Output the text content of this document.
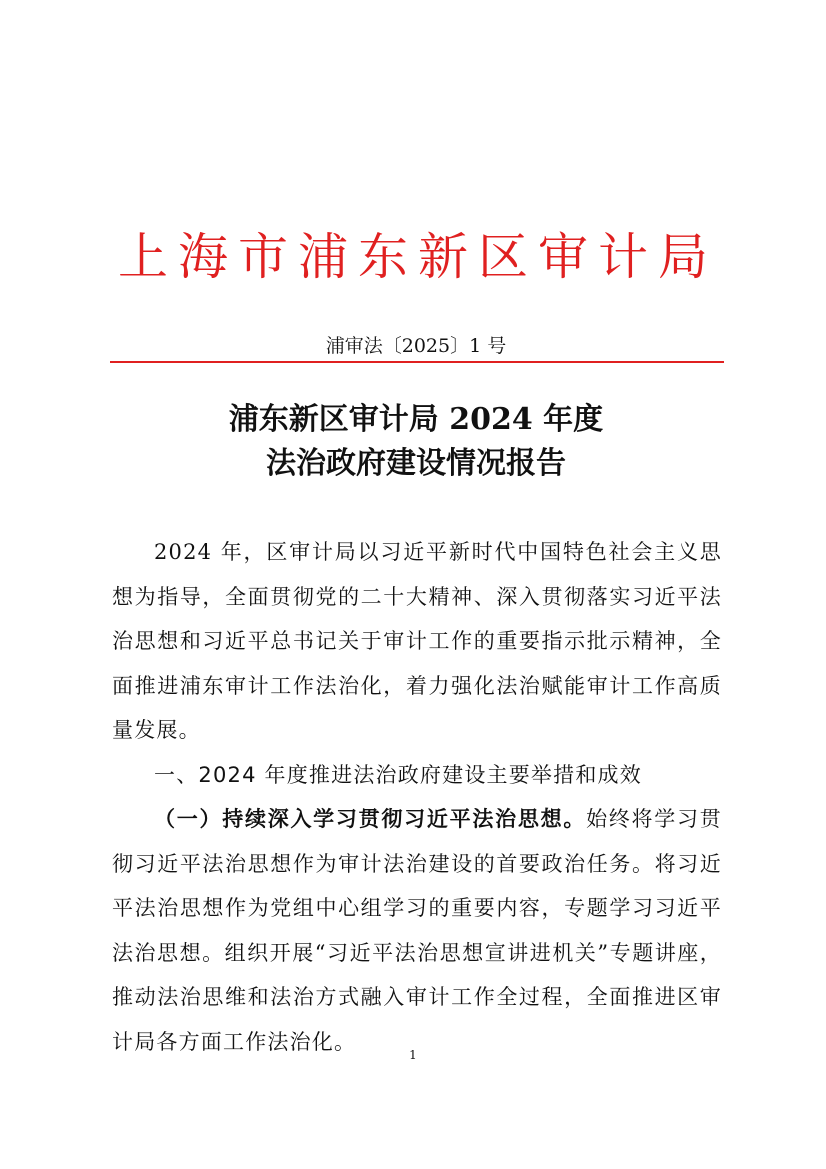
上 海 市 浦 东 新 区 审 计 局
浦审法〔2025〕1 号
浦东新区审计局 2024 年度
法治政府建设情况报告

2024 年，区审计局以习近平新时代中国特色社会主义思想为指导，全面贯彻党的二十大精神、深入贯彻落实习近平法治思想和习近平总书记关于审计工作的重要指示批示精神，全面推进浦东审计工作法治化，着力强化法治赋能审计工作高质量发展。

一、2024 年度推进法治政府建设主要举措和成效

（一）持续深入学习贯彻习近平法治思想。始终将学习贯彻习近平法治思想作为审计法治建设的首要政治任务。将习近平法治思想作为党组中心组学习的重要内容，专题学习习近平法治思想。组织开展“习近平法治思想宣讲进机关”专题讲座，推动法治思维和法治方式融入审计工作全过程，全面推进区审计局各方面工作法治化。

1
